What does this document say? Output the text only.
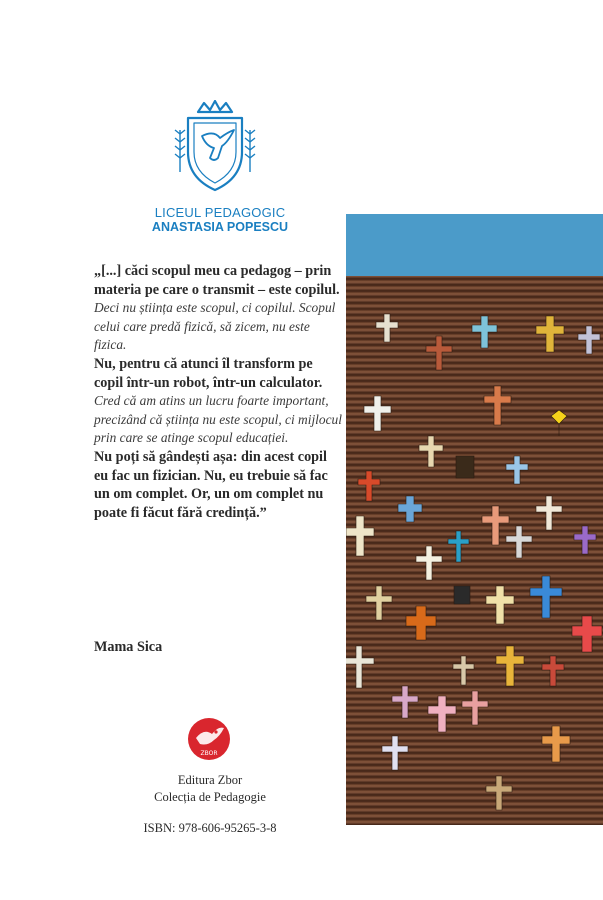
LICEUL PEDAGOGIC
ANASTASIA POPESCU

„[...] căci scopul meu ca pedagog – prin materia pe care o transmit – este copilul.

Deci nu știința este scopul, ci copilul. Scopul celui care predă fizică, să zicem, nu este fizica.

Nu, pentru că atunci îl transform pe copil într-un robot, într-un calculator.

Cred că am atins un lucru foarte important, precizând că știința nu este scopul, ci mijlocul prin care se atinge scopul educației.

Nu poți să gândești așa: din acest copil eu fac un fizician. Nu, eu trebuie să fac un om complet. Or, un om complet nu poate fi făcut fără credință.”

Mama Sica
ZBOR
Editura Zbor
Colecția de Pedagogie
ISBN: 978-606-95265-3-8
